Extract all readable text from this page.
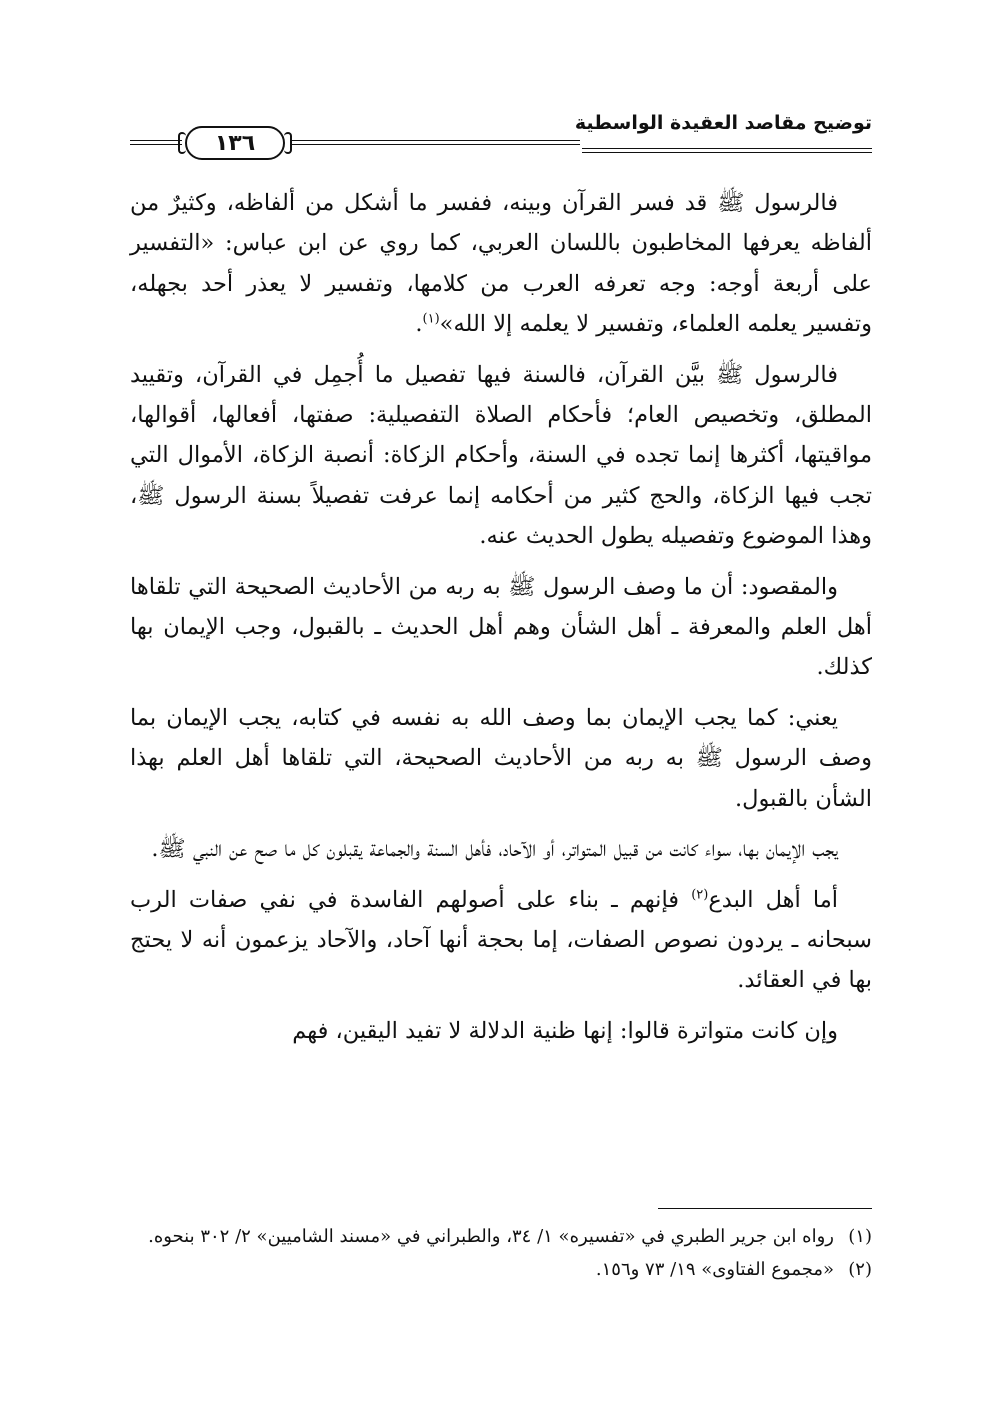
توضيح مقاصد العقيدة الواسطية
١٣٦

فالرسول ﷺ قد فسر القرآن وبينه، ففسر ما أشكل من ألفاظه، وكثيرٌ من ألفاظه يعرفها المخاطبون باللسان العربي، كما روي عن ابن عباس: «التفسير على أربعة أوجه: وجه تعرفه العرب من كلامها، وتفسير لا يعذر أحد بجهله، وتفسير يعلمه العلماء، وتفسير لا يعلمه إلا الله»$^{(١)}$.

فالرسول ﷺ بيَّن القرآن، فالسنة فيها تفصيل ما أُجمِل في القرآن، وتقييد المطلق، وتخصيص العام؛ فأحكام الصلاة التفصيلية: صفتها، أفعالها، أقوالها، مواقيتها، أكثرها إنما تجده في السنة، وأحكام الزكاة: أنصبة الزكاة، الأموال التي تجب فيها الزكاة، والحج كثير من أحكامه إنما عرفت تفصيلاً بسنة الرسول ﷺ، وهذا الموضوع وتفصيله يطول الحديث عنه.

والمقصود: أن ما وصف الرسول ﷺ به ربه من الأحاديث الصحيحة التي تلقاها أهل العلم والمعرفة ـ أهل الشأن وهم أهل الحديث ـ بالقبول، وجب الإيمان بها كذلك.

يعني: كما يجب الإيمان بما وصف الله به نفسه في كتابه، يجب الإيمان بما وصف الرسول ﷺ به ربه من الأحاديث الصحيحة، التي تلقاها أهل العلم بهذا الشأن بالقبول.

يجب الإيمان بها، سواء كانت من قبيل المتواتر، أو الآحاد، فأهل السنة والجماعة يقبلون كل ما صح عن النبي ﷺ.

أما أهل البدع$^{(٢)}$ فإنهم ـ بناء على أصولهم الفاسدة في نفي صفات الرب سبحانه ـ يردون نصوص الصفات، إما بحجة أنها آحاد، والآحاد يزعمون أنه لا يحتج بها في العقائد.

وإن كانت متواترة قالوا: إنها ظنية الدلالة لا تفيد اليقين، فهم

(١)
رواه ابن جرير الطبري في «تفسيره» ١/ ٣٤، والطبراني في «مسند الشاميين» ٢/ ٣٠٢ بنحوه.

(٢)
«مجموع الفتاوى» ١٩/ ٧٣ و١٥٦.
